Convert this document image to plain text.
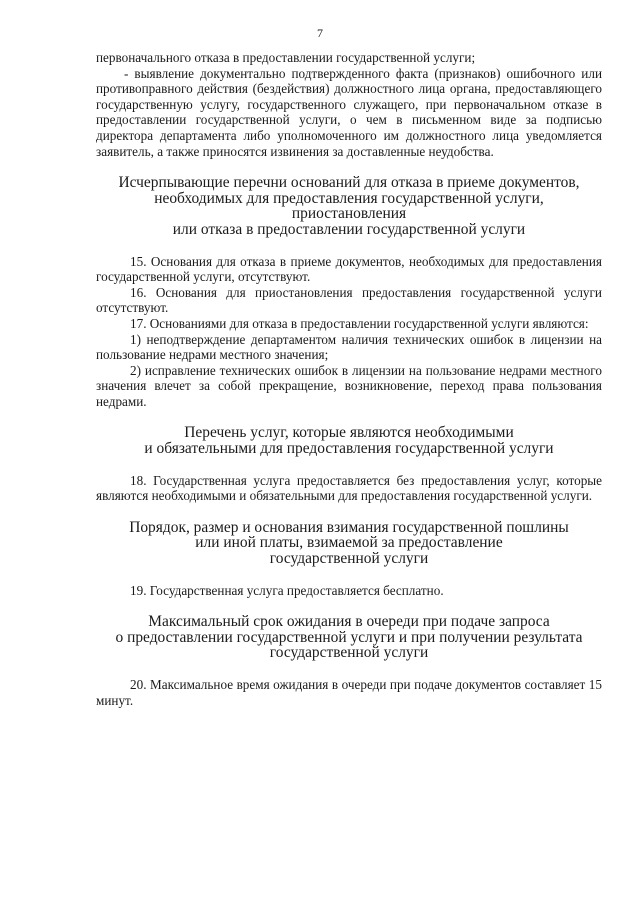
7

первоначального отказа в предоставлении государственной услуги;

- выявление документально подтвержденного факта (признаков) ошибочного или противоправного действия (бездействия) должностного лица органа, предоставляющего государственную услугу, государственного служащего, при первоначальном отказе в предоставлении государственной услуги, о чем в письменном виде за подписью директора департамента либо уполномоченного им должностного лица уведомляется заявитель, а также приносятся извинения за доставленные неудобства.

Исчерпывающие перечни оснований для отказа в приеме документов,
необходимых для предоставления государственной услуги, приостановления
или отказа в предоставлении государственной услуги

15. Основания для отказа в приеме документов, необходимых для предоставления государственной услуги, отсутствуют.

16. Основания для приостановления предоставления государственной услуги отсутствуют.

17. Основаниями для отказа в предоставлении государственной услуги являются:

1) неподтверждение департаментом наличия технических ошибок в лицензии на пользование недрами местного значения;

2) исправление технических ошибок в лицензии на пользование недрами местного значения влечет за собой прекращение, возникновение, переход права пользования недрами.

Перечень услуг, которые являются необходимыми
и обязательными для предоставления государственной услуги

18. Государственная услуга предоставляется без предоставления услуг, которые являются необходимыми и обязательными для предоставления государственной услуги.

Порядок, размер и основания взимания государственной пошлины
или иной платы, взимаемой за предоставление
государственной услуги

19. Государственная услуга предоставляется бесплатно.

Максимальный срок ожидания в очереди при подаче запроса
о предоставлении государственной услуги и при получении результата
государственной услуги

20. Максимальное время ожидания в очереди при подаче документов составляет 15 минут.
